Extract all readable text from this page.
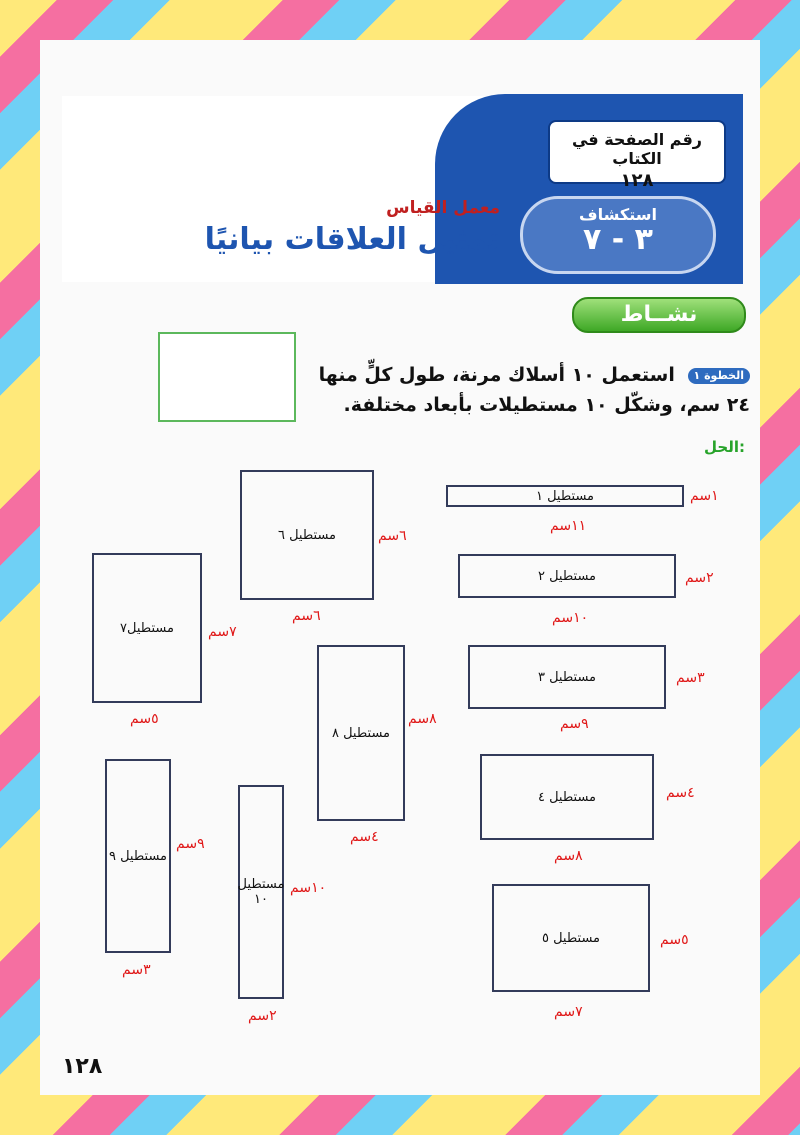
رقم الصفحة في الكتاب
١٢٨
استكشاف
٣ - ٧
معمل القياس
تمثيل العلاقات بيانيًا
نشــاط
الخطوة ١ استعمل ١٠ أسلاك مرنة، طول كلٍّ منها
٢٤ سم، وشكّل ١٠ مستطيلات بأبعاد مختلفة.
الحل:
مستطيل ١	١سم
١١سم
مستطيل ٢	٢سم
١٠سم
مستطيل ٣	٣سم
٩سم
مستطيل ٤	٤سم
٨سم
مستطيل ٥	٥سم
٧سم
مستطيل ٦	٦سم
٦سم
مستطيل٧ ٧سم
٥سم
مستطيل ٨
٨سم
٤سم
مستطيل ٩
٩سم
٣سم
مستطيل ١٠
١٠سم
٢سم
١٢٨
